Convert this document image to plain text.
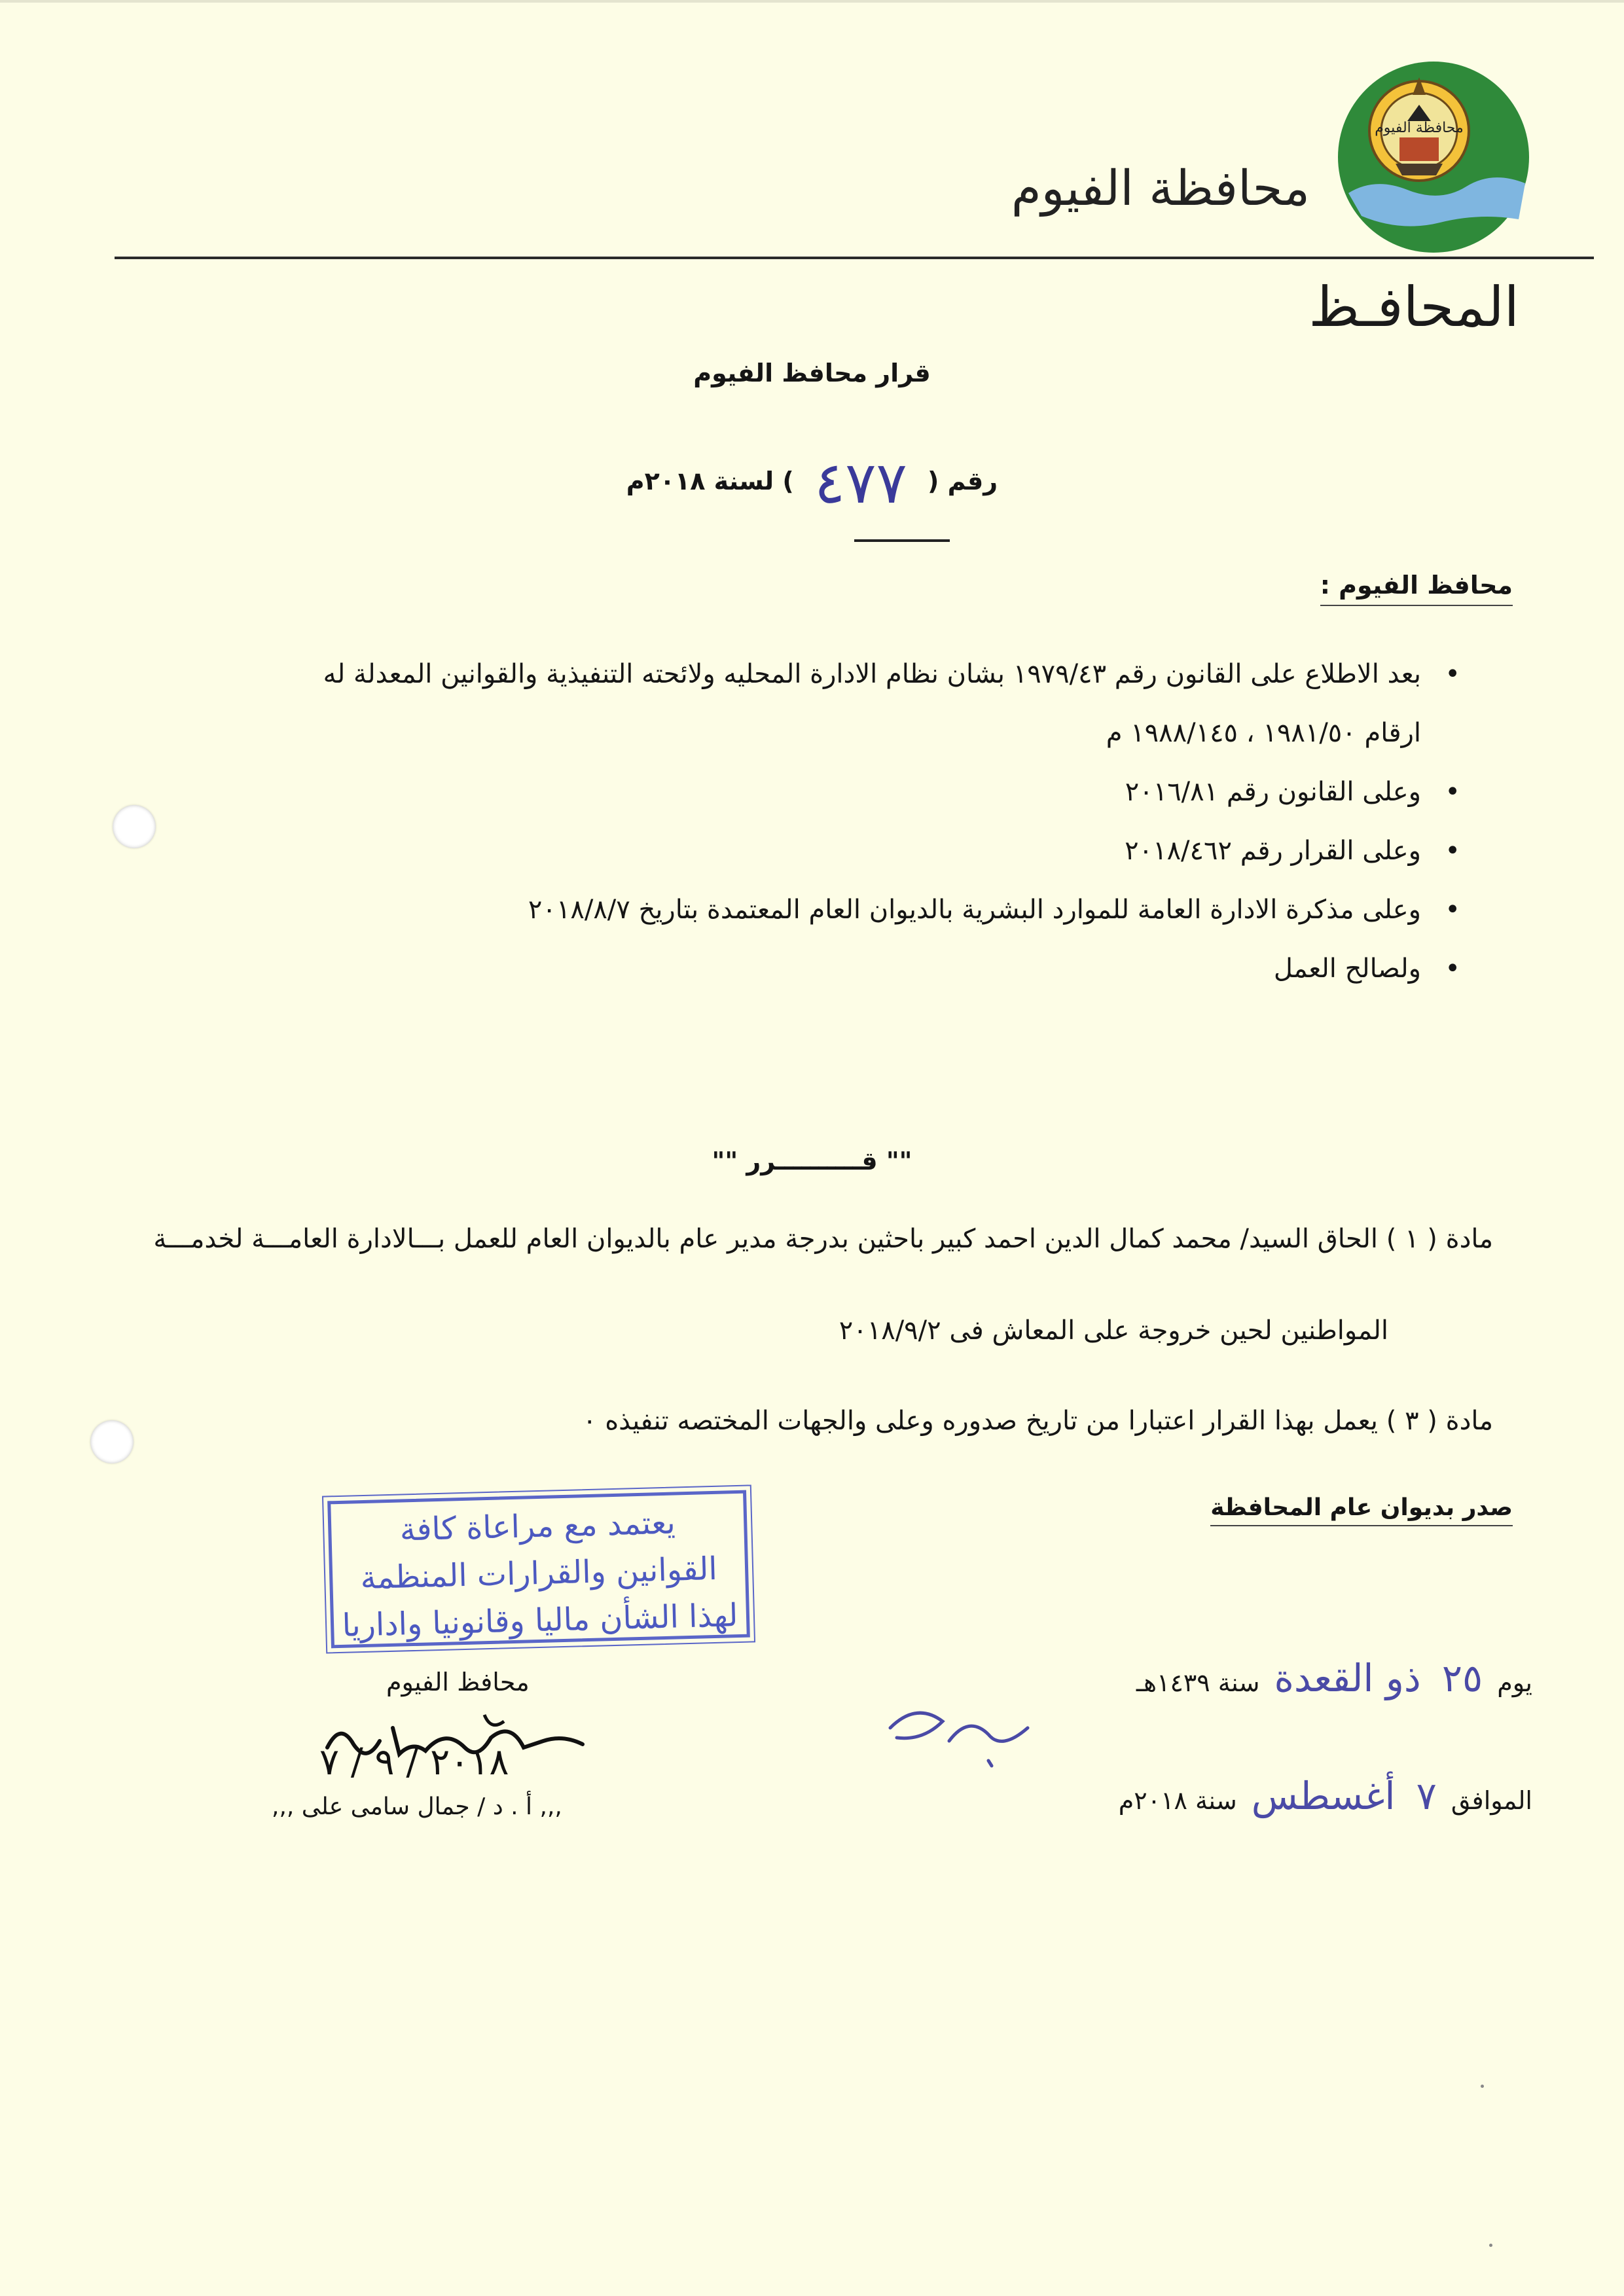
محافظة الفيوم
محافظة الفيوم
المحافـظ
قرار محافظ الفيوم
رقم ( ٤٧٧ ) لسنة ٢٠١٨م
محافظ الفيوم :
•
بعد الاطلاع على القانون رقم ١٩٧٩/٤٣ بشان نظام الادارة المحليه ولائحته التنفيذية والقوانين المعدلة له
ارقام ١٩٨١/٥٠ ، ١٩٨٨/١٤٥ م
•
وعلى القانون رقم ٢٠١٦/٨١
•
وعلى القرار رقم ٢٠١٨/٤٦٢
•
وعلى مذكرة الادارة العامة للموارد البشرية بالديوان العام المعتمدة بتاريخ ٢٠١٨/٨/٧
•
ولصالح العمل
"" قــــــــــرر ""
مادة ( ١ ) الحاق السيد/ محمد كمال الدين احمد كبير باحثين بدرجة مدير عام بالديوان العام للعمل بـــالادارة العامـــة لخدمـــة
المواطنين لحين خروجة على المعاش فى ٢٠١٨/٩/٢
مادة ( ٣ ) يعمل بهذا القرار اعتبارا من تاريخ صدوره وعلى والجهات المختصه تنفيذه ٠
صدر بديوان عام المحافظة
يعتمد مع مراعاة كافة
القوانين والقرارات المنظمة
لهذا الشأن ماليا وقانونيا واداريا
محافظ الفيوم
٢٠١٨ / ٩ / ٧
,,, أ . د / جمال سامى على ,,,
يوم ٢٥ ذو القعدة سنة ١٤٣٩هـ
الموافق ٧ أغسطس سنة ٢٠١٨م
